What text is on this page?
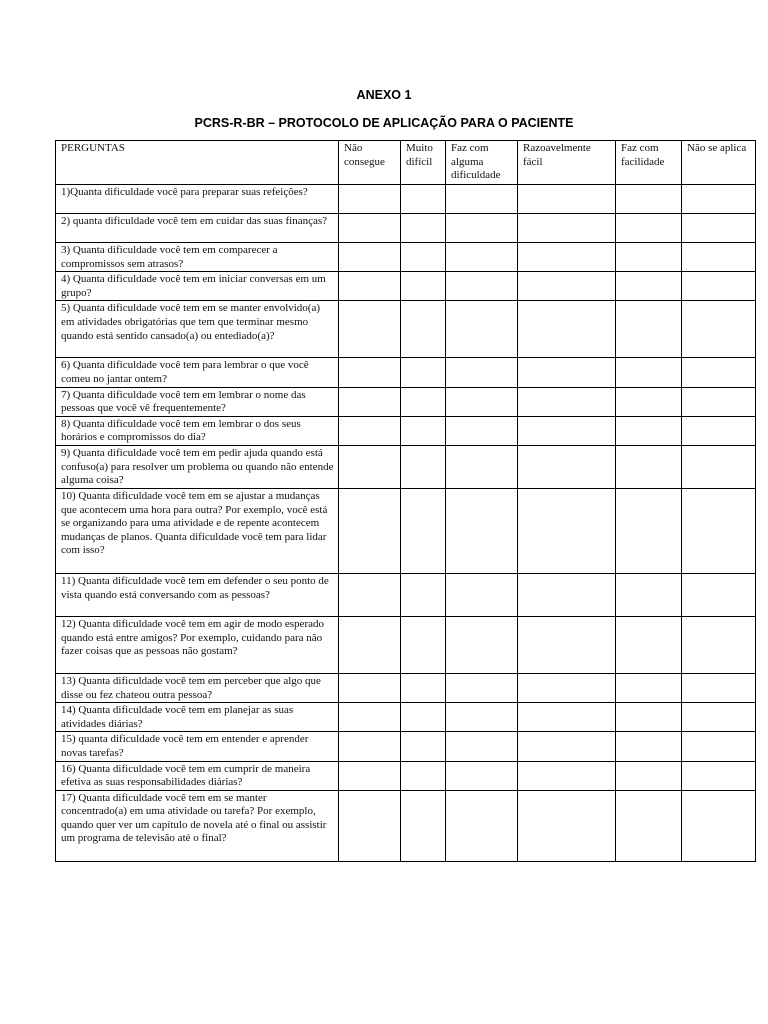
ANEXO 1
PCRS-R-BR – PROTOCOLO DE APLICAÇÃO PARA O PACIENTE
PERGUNTAS	Não consegue	Muito difícil	Faz com alguma dificuldade	Razoavelmente fácil	Faz com facilidade	Não se aplica
1)Quanta dificuldade você para preparar suas refeições?						
2) quanta dificuldade você tem em cuidar das suas finanças?						
3) Quanta dificuldade você tem em comparecer a compromissos sem atrasos?						
4) Quanta dificuldade você tem em iniciar conversas em um grupo?						
5) Quanta dificuldade você tem em se manter envolvido(a) em atividades obrigatórias que tem que terminar mesmo quando está sentido cansado(a) ou entediado(a)?						
6) Quanta dificuldade você tem para lembrar o que você comeu no jantar ontem?						
7) Quanta dificuldade você tem em lembrar o nome das pessoas que você vê frequentemente?						
8) Quanta dificuldade você tem em lembrar o dos seus horários e compromissos do dia?						
9) Quanta dificuldade você tem em pedir ajuda quando está confuso(a) para resolver um problema ou quando não entende alguma coisa?						
10) Quanta dificuldade você tem em se ajustar a mudanças que acontecem uma hora para outra? Por exemplo, você está se organizando para uma atividade e de repente acontecem mudanças de planos. Quanta dificuldade você tem para lidar com isso?						
11) Quanta dificuldade você tem em defender o seu ponto de vista quando está conversando com as pessoas?						
12) Quanta dificuldade você tem em agir de modo esperado quando está entre amigos? Por exemplo, cuidando para não fazer coisas que as pessoas não gostam?						
13) Quanta dificuldade você tem em perceber que algo que disse ou fez chateou outra pessoa?						
14) Quanta dificuldade você tem em planejar as suas atividades diárias?						
15) quanta dificuldade você tem em entender e aprender novas tarefas?						
16) Quanta dificuldade você tem em cumprir de maneira efetiva as suas responsabilidades diárias?						
17) Quanta dificuldade você tem em se manter concentrado(a) em uma atividade ou tarefa? Por exemplo, quando quer ver um capítulo de novela até o final ou assistir um programa de televisão até o final?						
